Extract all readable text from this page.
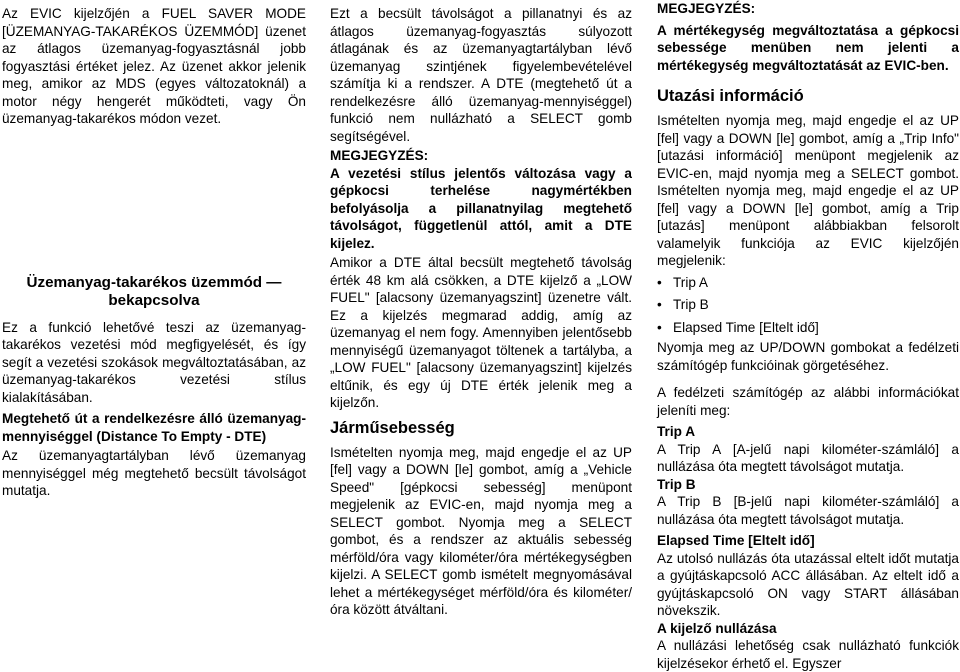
Az EVIC kijelzőjén a FUEL SAVER MODE [ÜZEMANYAG-TAKARÉKOS ÜZEMMÓD] üzenet az átlagos üzemanyag-fogyasztásnál jobb fogyasztási értéket jelez. Az üzenet akkor jelenik meg, amikor az MDS (egyes változatoknál) a motor négy hengerét működteti, vagy Ön üzemanyag-takarékos módon vezet.

Üzemanyag-takarékos üzemmód — bekapcsolva

Ez a funkció lehetővé teszi az üzemanyag-takarékos vezetési mód megfigyelését, és így segít a vezetési szokások megváltoztatásában, az üzemanyag-takarékos vezetési stílus kialakításában.

Megtehető út a rendelkezésre álló üzemanyag-mennyiséggel (Distance To Empty - DTE)

Az üzemanyagtartályban lévő üzemanyag mennyiséggel még megtehető becsült távolságot mutatja.

Ezt a becsült távolságot a pillanatnyi és az átlagos üzemanyag-fogyasztás súlyozott átlagának és az üzemanyagtartályban lévő üzemanyag szintjének figyelembevételével számítja ki a rendszer. A DTE (megtehető út a rendelkezésre álló üzemanyag-mennyiséggel) funkció nem nullázható a SELECT gomb segítségével.

MEGJEGYZÉS:

A vezetési stílus jelentős változása vagy a gépkocsi terhelése nagymértékben befolyásolja a pillanatnyilag megtehető távolságot, függetlenül attól, amit a DTE kijelez.

Amikor a DTE által becsült megtehető távolság érték 48 km alá csökken, a DTE kijelző a „LOW FUEL" [alacsony üzemanyagszint] üzenetre vált. Ez a kijelzés megmarad addig, amíg az üzemanyag el nem fogy. Amennyiben jelentősebb mennyiségű üzemanyagot töltenek a tartályba, a „LOW FUEL" [alacsony üzemanyagszint] kijelzés eltűnik, és egy új DTE érték jelenik meg a kijelzőn.

Járműsebesség

Ismételten nyomja meg, majd engedje el az UP [fel] vagy a DOWN [le] gombot, amíg a „Vehicle Speed" [gépkocsi sebesség] menüpont megjelenik az EVIC-en, majd nyomja meg a SELECT gombot. Nyomja meg a SELECT gombot, és a rendszer az aktuális sebesség mérföld/óra vagy kilométer/óra mértékegységben kijelzi. A SELECT gomb ismételt megnyomásával lehet a mértékegységet mérföld/óra és kilométer/óra között átváltani.

MEGJEGYZÉS:

A mértékegység megváltoztatása a gépkocsi sebessége menüben nem jelenti a mértékegység megváltoztatását az EVIC-ben.

Utazási információ

Ismételten nyomja meg, majd engedje el az UP [fel] vagy a DOWN [le] gombot, amíg a „Trip Info" [utazási információ] menüpont megjelenik az EVIC-en, majd nyomja meg a SELECT gombot. Ismételten nyomja meg, majd engedje el az UP [fel] vagy a DOWN [le] gombot, amíg a Trip [utazás] menüpont alábbiakban felsorolt valamelyik funkciója az EVIC kijelzőjén megjelenik:

• Trip A
• Trip B
• Elapsed Time [Eltelt idő]

Nyomja meg az UP/DOWN gombokat a fedélzeti számítógép funkcióinak görgetéséhez.

A fedélzeti számítógép az alábbi információkat jeleníti meg:

Trip A

A Trip A [A-jelű napi kilométer-számláló] a nullázása óta megtett távolságot mutatja.

Trip B

A Trip B [B-jelű napi kilométer-számláló] a nullázása óta megtett távolságot mutatja.

Elapsed Time [Eltelt idő]

Az utolsó nullázás óta utazással eltelt időt mutatja a gyújtáskapcsoló ACC állásában. Az eltelt idő a gyújtáskapcsoló ON vagy START állásában növekszik.

A kijelző nullázása

A nullázási lehetőség csak nullázható funkciók kijelzésekor érhető el. Egyszer
